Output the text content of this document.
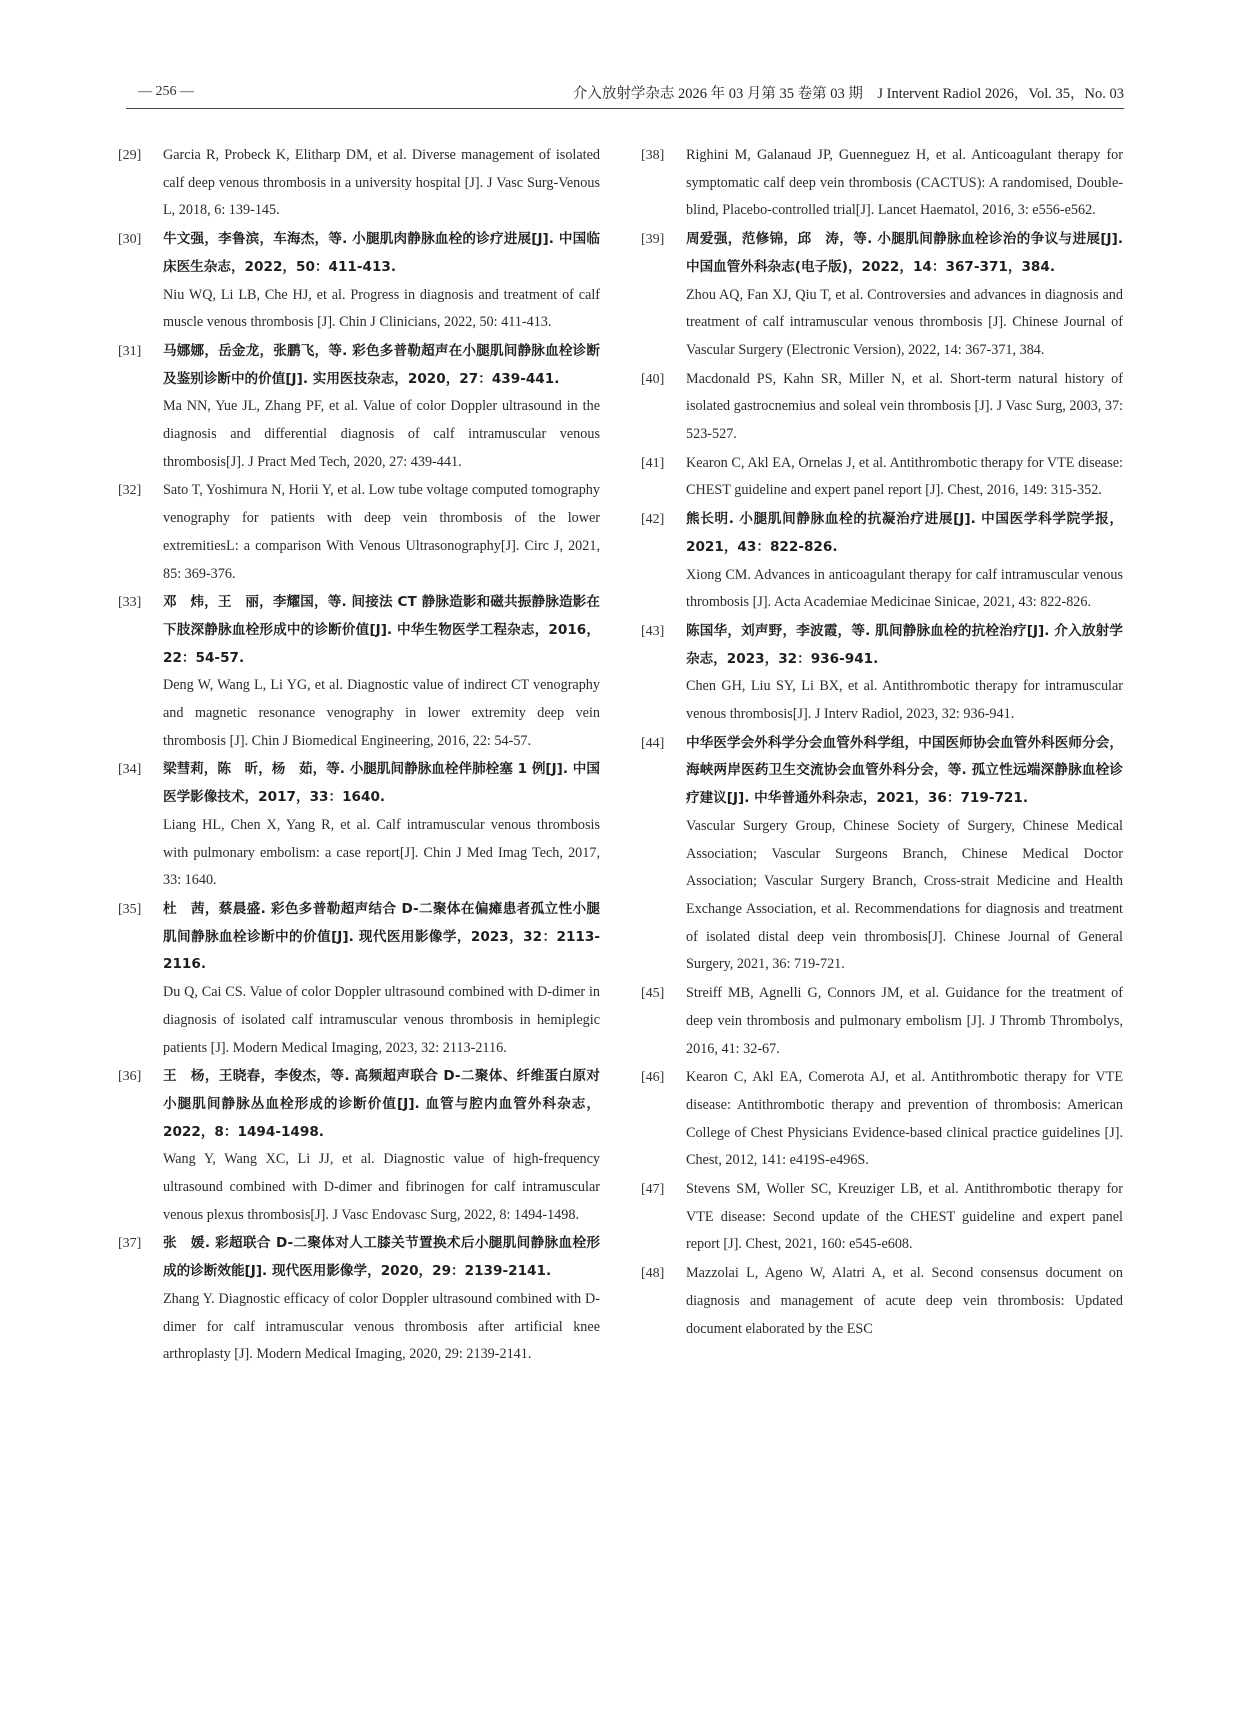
— 256 —	介入放射学杂志 2026 年 03 月第 35 卷第 03 期　J Intervent Radiol 2026，Vol. 35，No. 03
[29] Garcia R, Probeck K, Elitharp DM, et al. Diverse management of isolated calf deep venous thrombosis in a university hospital [J]. J Vasc Surg-Venous L, 2018, 6: 139-145.
[30] 牛文强，李鲁滨，车海杰，等. 小腿肌肉静脉血栓的诊疗进展[J]. 中国临床医生杂志，2022，50：411-413.
Niu WQ, Li LB, Che HJ, et al. Progress in diagnosis and treatment of calf muscle venous thrombosis [J]. Chin J Clinicians, 2022, 50: 411-413.
[31] 马娜娜，岳金龙，张鹏飞，等. 彩色多普勒超声在小腿肌间静脉血栓诊断及鉴别诊断中的价值[J]. 实用医技杂志，2020，27：439-441.
Ma NN, Yue JL, Zhang PF, et al. Value of color Doppler ultrasound in the diagnosis and differential diagnosis of calf intramuscular venous thrombosis[J]. J Pract Med Tech, 2020, 27: 439-441.
[32] Sato T, Yoshimura N, Horii Y, et al. Low tube voltage computed tomography venography for patients with deep vein thrombosis of the lower extremitiesL: a comparison With Venous Ultrasonography[J]. Circ J, 2021, 85: 369-376.
[33] 邓　炜，王　丽，李耀国，等. 间接法 CT 静脉造影和磁共振静脉造影在下肢深静脉血栓形成中的诊断价值[J]. 中华生物医学工程杂志，2016，22：54-57.
Deng W, Wang L, Li YG, et al. Diagnostic value of indirect CT venography and magnetic resonance venography in lower extremity deep vein thrombosis [J]. Chin J Biomedical Engineering, 2016, 22: 54-57.
[34] 梁彗莉，陈　昕，杨　茹，等. 小腿肌间静脉血栓伴肺栓塞 1 例[J]. 中国医学影像技术，2017，33：1640.
Liang HL, Chen X, Yang R, et al. Calf intramuscular venous thrombosis with pulmonary embolism: a case report[J]. Chin J Med Imag Tech, 2017, 33: 1640.
[35] 杜　茜，蔡晨盛. 彩色多普勒超声结合 D-二聚体在偏瘫患者孤立性小腿肌间静脉血栓诊断中的价值[J]. 现代医用影像学，2023，32：2113-2116.
Du Q, Cai CS. Value of color Doppler ultrasound combined with D-dimer in diagnosis of isolated calf intramuscular venous thrombosis in hemiplegic patients [J]. Modern Medical Imaging, 2023, 32: 2113-2116.
[36] 王　杨，王晓春，李俊杰，等. 高频超声联合 D-二聚体、纤维蛋白原对小腿肌间静脉丛血栓形成的诊断价值[J]. 血管与腔内血管外科杂志，2022，8：1494-1498.
Wang Y, Wang XC, Li JJ, et al. Diagnostic value of high-frequency ultrasound combined with D-dimer and fibrinogen for calf intramuscular venous plexus thrombosis[J]. J Vasc Endovasc Surg, 2022, 8: 1494-1498.
[37] 张　媛. 彩超联合 D-二聚体对人工膝关节置换术后小腿肌间静脉血栓形成的诊断效能[J]. 现代医用影像学，2020，29：2139-2141.
Zhang Y. Diagnostic efficacy of color Doppler ultrasound combined with D-dimer for calf intramuscular venous thrombosis after artificial knee arthroplasty [J]. Modern Medical Imaging, 2020, 29: 2139-2141.
[38] Righini M, Galanaud JP, Guenneguez H, et al. Anticoagulant therapy for symptomatic calf deep vein thrombosis (CACTUS): A randomised, Double-blind, Placebo-controlled trial[J]. Lancet Haematol, 2016, 3: e556-e562.
[39] 周爱强，范修锦，邱　涛，等. 小腿肌间静脉血栓诊治的争议与进展[J]. 中国血管外科杂志(电子版)，2022，14：367-371，384.
Zhou AQ, Fan XJ, Qiu T, et al. Controversies and advances in diagnosis and treatment of calf intramuscular venous thrombosis [J]. Chinese Journal of Vascular Surgery (Electronic Version), 2022, 14: 367-371, 384.
[40] Macdonald PS, Kahn SR, Miller N, et al. Short-term natural history of isolated gastrocnemius and soleal vein thrombosis [J]. J Vasc Surg, 2003, 37: 523-527.
[41] Kearon C, Akl EA, Ornelas J, et al. Antithrombotic therapy for VTE disease: CHEST guideline and expert panel report [J]. Chest, 2016, 149: 315-352.
[42] 熊长明. 小腿肌间静脉血栓的抗凝治疗进展[J]. 中国医学科学院学报，2021，43：822-826.
Xiong CM. Advances in anticoagulant therapy for calf intramuscular venous thrombosis [J]. Acta Academiae Medicinae Sinicae, 2021, 43: 822-826.
[43] 陈国华，刘声野，李波霞，等. 肌间静脉血栓的抗栓治疗[J]. 介入放射学杂志，2023，32：936-941.
Chen GH, Liu SY, Li BX, et al. Antithrombotic therapy for intramuscular venous thrombosis[J]. J Interv Radiol, 2023, 32: 936-941.
[44] 中华医学会外科学分会血管外科学组，中国医师协会血管外科医师分会，海峡两岸医药卫生交流协会血管外科分会，等. 孤立性远端深静脉血栓诊疗建议[J]. 中华普通外科杂志，2021，36：719-721.
Vascular Surgery Group, Chinese Society of Surgery, Chinese Medical Association; Vascular Surgeons Branch, Chinese Medical Doctor Association; Vascular Surgery Branch, Cross-strait Medicine and Health Exchange Association, et al. Recommendations for diagnosis and treatment of isolated distal deep vein thrombosis[J]. Chinese Journal of General Surgery, 2021, 36: 719-721.
[45] Streiff MB, Agnelli G, Connors JM, et al. Guidance for the treatment of deep vein thrombosis and pulmonary embolism [J]. J Thromb Thrombolys, 2016, 41: 32-67.
[46] Kearon C, Akl EA, Comerota AJ, et al. Antithrombotic therapy for VTE disease: Antithrombotic therapy and prevention of thrombosis: American College of Chest Physicians Evidence-based clinical practice guidelines [J]. Chest, 2012, 141: e419S-e496S.
[47] Stevens SM, Woller SC, Kreuziger LB, et al. Antithrombotic therapy for VTE disease: Second update of the CHEST guideline and expert panel report [J]. Chest, 2021, 160: e545-e608.
[48] Mazzolai L, Ageno W, Alatri A, et al. Second consensus document on diagnosis and management of acute deep vein thrombosis: Updated document elaborated by the ESC
